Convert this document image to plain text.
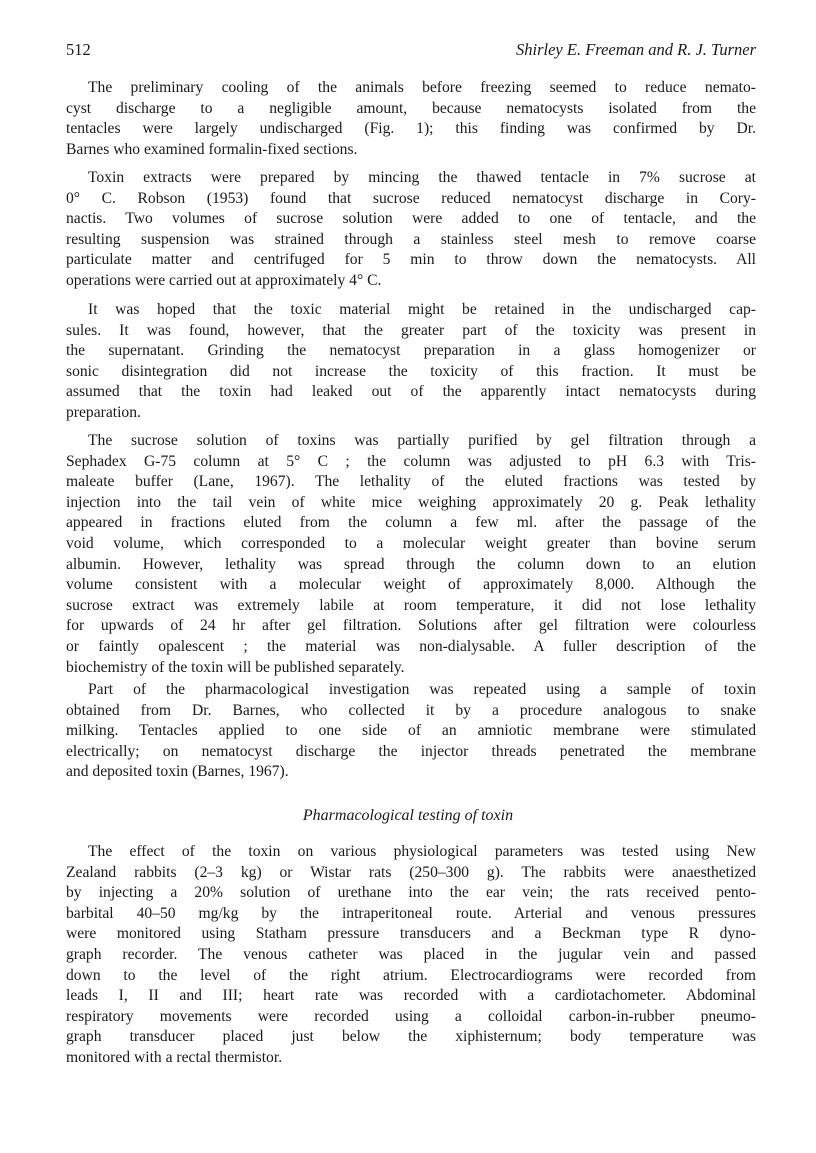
512	Shirley E. Freeman and R. J. Turner
The preliminary cooling of the animals before freezing seemed to reduce nemato-
cyst discharge to a negligible amount, because nematocysts isolated from the
tentacles were largely undischarged (Fig. 1); this finding was confirmed by Dr.
Barnes who examined formalin-fixed sections.
Toxin extracts were prepared by mincing the thawed tentacle in 7% sucrose at
0° C. Robson (1953) found that sucrose reduced nematocyst discharge in Cory-
nactis. Two volumes of sucrose solution were added to one of tentacle, and the
resulting suspension was strained through a stainless steel mesh to remove coarse
particulate matter and centrifuged for 5 min to throw down the nematocysts. All
operations were carried out at approximately 4° C.
It was hoped that the toxic material might be retained in the undischarged cap-
sules. It was found, however, that the greater part of the toxicity was present in
the supernatant. Grinding the nematocyst preparation in a glass homogenizer or
sonic disintegration did not increase the toxicity of this fraction. It must be
assumed that the toxin had leaked out of the apparently intact nematocysts during
preparation.
The sucrose solution of toxins was partially purified by gel filtration through a
Sephadex G-75 column at 5° C ; the column was adjusted to pH 6.3 with Tris-
maleate buffer (Lane, 1967). The lethality of the eluted fractions was tested by
injection into the tail vein of white mice weighing approximately 20 g. Peak lethality
appeared in fractions eluted from the column a few ml. after the passage of the
void volume, which corresponded to a molecular weight greater than bovine serum
albumin. However, lethality was spread through the column down to an elution
volume consistent with a molecular weight of approximately 8,000. Although the
sucrose extract was extremely labile at room temperature, it did not lose lethality
for upwards of 24 hr after gel filtration. Solutions after gel filtration were colourless
or faintly opalescent ; the material was non-dialysable. A fuller description of the
biochemistry of the toxin will be published separately.
Part of the pharmacological investigation was repeated using a sample of toxin
obtained from Dr. Barnes, who collected it by a procedure analogous to snake
milking. Tentacles applied to one side of an amniotic membrane were stimulated
electrically; on nematocyst discharge the injector threads penetrated the membrane
and deposited toxin (Barnes, 1967).
Pharmacological testing of toxin
The effect of the toxin on various physiological parameters was tested using New
Zealand rabbits (2–3 kg) or Wistar rats (250–300 g). The rabbits were anaesthetized
by injecting a 20% solution of urethane into the ear vein; the rats received pento-
barbital 40–50 mg/kg by the intraperitoneal route. Arterial and venous pressures
were monitored using Statham pressure transducers and a Beckman type R dyno-
graph recorder. The venous catheter was placed in the jugular vein and passed
down to the level of the right atrium. Electrocardiograms were recorded from
leads I, II and III; heart rate was recorded with a cardiotachometer. Abdominal
respiratory movements were recorded using a colloidal carbon-in-rubber pneumo-
graph transducer placed just below the xiphisternum; body temperature was
monitored with a rectal thermistor.
